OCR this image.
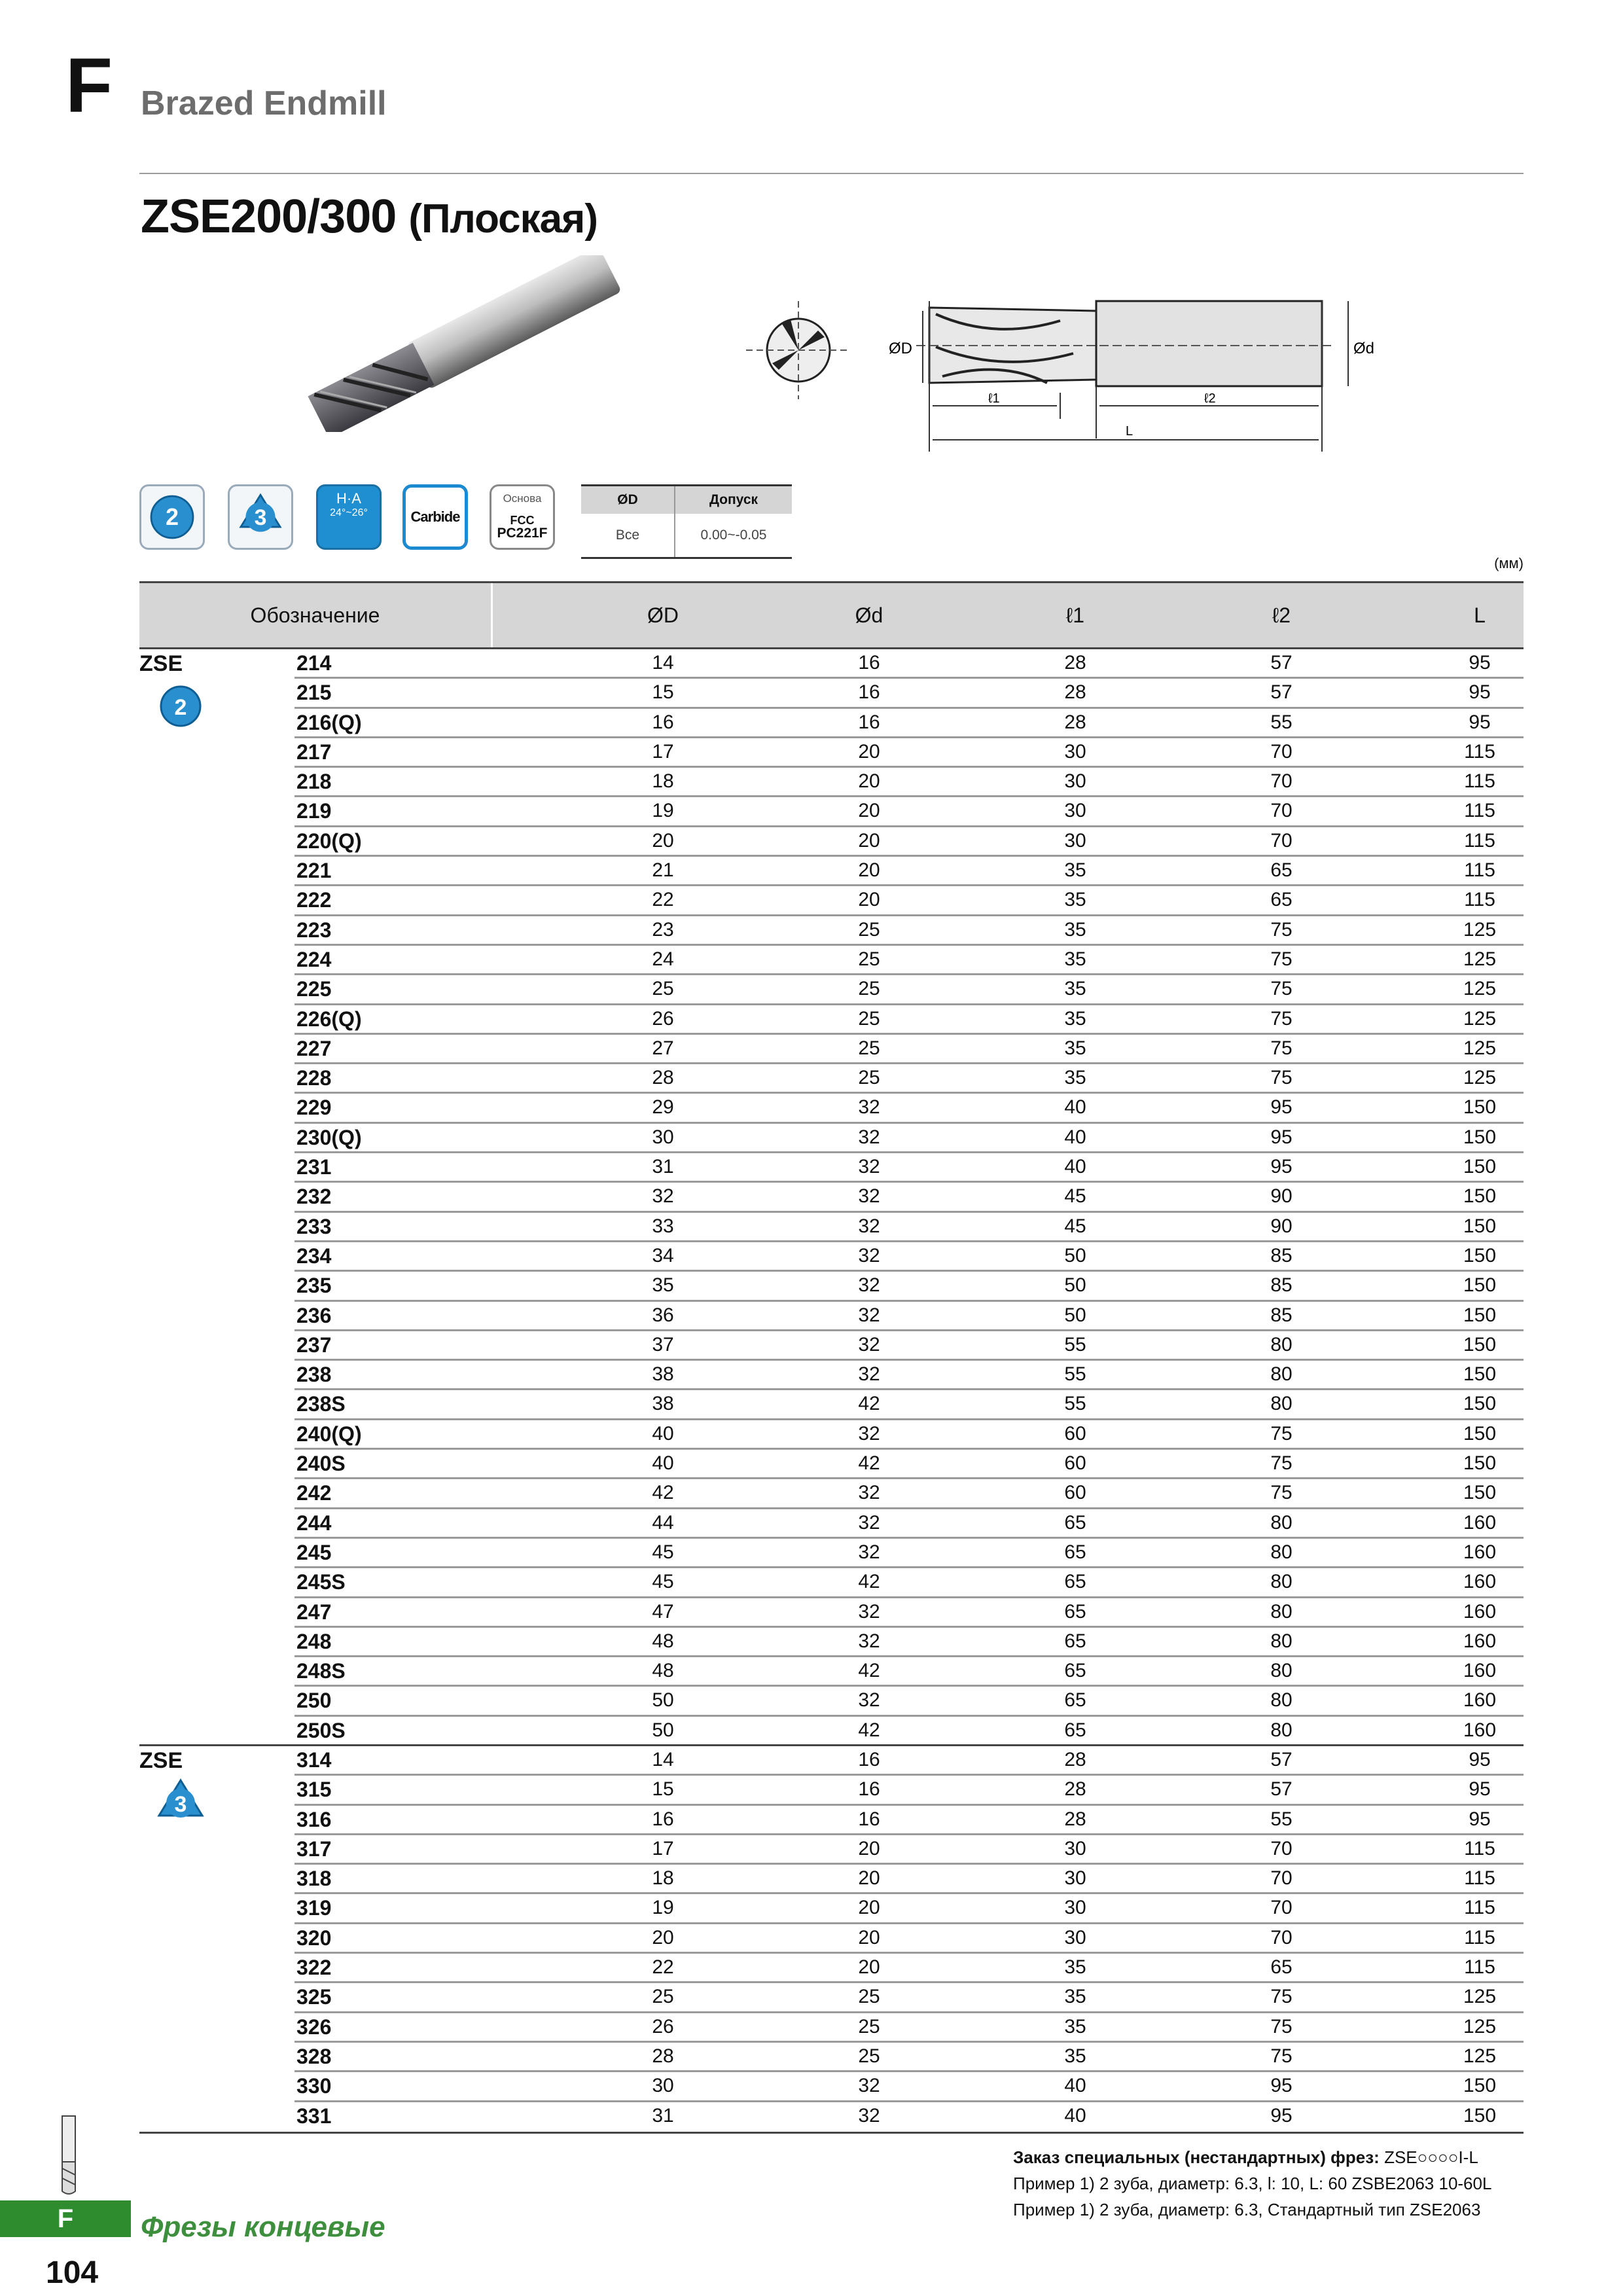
F Brazed Endmill
ZSE200/300 (Плоская)
ØD	Ød
ℓ1	ℓ2
L
2	3
H·A
24°~26°	Carbide
Основа
FCC
PC221F
ØD	Допуск
Все	0.00~-0.05
(мм)
Обозначение	ØD	Ød	ℓ1	ℓ2	L
ZSE
2
214	14	16	28	57	95
215	15	16	28	57	95
216(Q)	16	16	28	55	95
217	17	20	30	70	115
218	18	20	30	70	115
219	19	20	30	70	115
220(Q)	20	20	30	70	115
221	21	20	35	65	115
222	22	20	35	65	115
223	23	25	35	75	125
224	24	25	35	75	125
225	25	25	35	75	125
226(Q)	26	25	35	75	125
227	27	25	35	75	125
228	28	25	35	75	125
229	29	32	40	95	150
230(Q)	30	32	40	95	150
231	31	32	40	95	150
232	32	32	45	90	150
233	33	32	45	90	150
234	34	32	50	85	150
235	35	32	50	85	150
236	36	32	50	85	150
237	37	32	55	80	150
238	38	32	55	80	150
238S	38	42	55	80	150
240(Q)	40	32	60	75	150
240S	40	42	60	75	150
242	42	32	60	75	150
244	44	32	65	80	160
245	45	32	65	80	160
245S	45	42	65	80	160
247	47	32	65	80	160
248	48	32	65	80	160
248S	48	42	65	80	160
250	50	32	65	80	160
250S	50	42	65	80	160
ZSE
3
314	14	16	28	57	95
315	15	16	28	57	95
316	16	16	28	55	95
317	17	20	30	70	115
318	18	20	30	70	115
319	19	20	30	70	115
320	20	20	30	70	115
322	22	20	35	65	115
325	25	25	35	75	125
326	26	25	35	75	125
328	28	25	35	75	125
330	30	32	40	95	150
331	31	32	40	95	150
Заказ специальных (нестандартных) фрез: ZSE○○○○I-L
Пример 1) 2 зуба, диаметр: 6.3, l: 10, L: 60 ZSBE2063 10-60L
Пример 1) 2 зуба, диаметр: 6.3, Стандартный тип ZSE2063
F	Фрезы концевые
104
